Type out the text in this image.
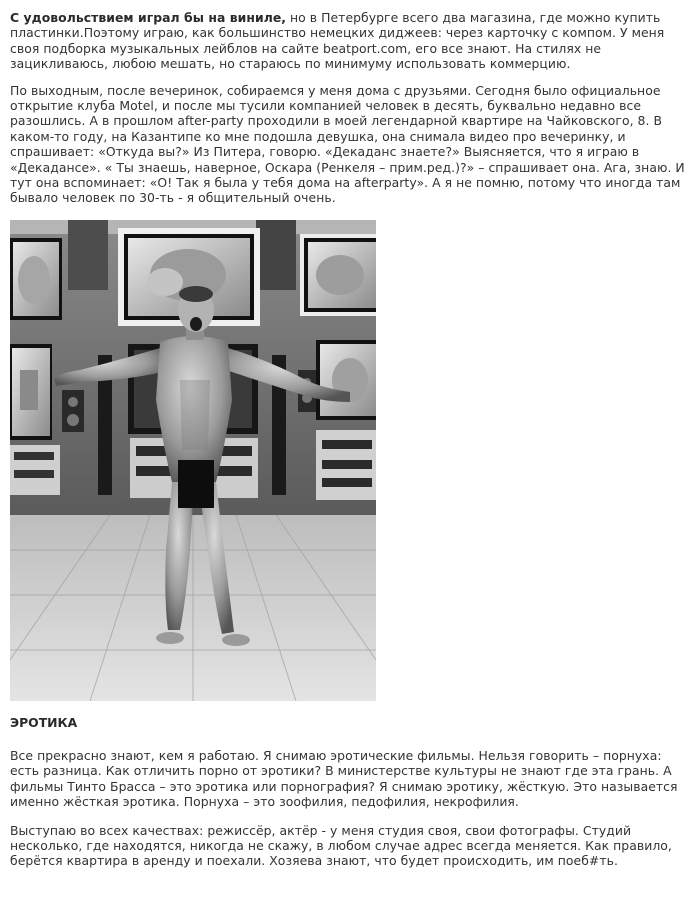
С удовольствием играл бы на виниле, но в Петербурге всего два магазина, где можно купить пластинки.Поэтому играю, как большинство немецких диджеев: через карточку с компом. У меня своя подборка музыкальных лейблов на сайте beatport.com, его все знают. На стилях не зацикливаюсь, любою мешать, но стараюсь по минимуму использовать коммерцию.

По выходным, после вечеринок, собираемся у меня дома с друзьями. Сегодня было официальное открытие клуба Motel, и после мы тусили компанией человек в десять, буквально недавно все разошлись. А в прошлом after-party проходили в моей легендарной квартире на Чайковского, 8. В каком-то году, на Казантипе ко мне подошла девушка, она снимала видео про вечеринку, и спрашивает: «Откуда вы?» Из Питера, говорю. «Декаданс знаете?» Выясняется, что я играю в «Декадансе». « Ты знаешь, наверное, Оскара (Ренкеля – прим.ред.)?» – спрашивает она. Ага, знаю. И тут она вспоминает: «О! Так я была у тебя дома на afterparty». А я не помню, потому что иногда там бывало человек по 30-ть - я общительный очень.

ЭРОТИКА

Все прекрасно знают, кем я работаю. Я снимаю эротические фильмы. Нельзя говорить – порнуха: есть разница. Как отличить порно от эротики? В министерстве культуры не знают где эта грань. А фильмы Тинто Брасса – это эротика или порнография? Я снимаю эротику, жёсткую. Это называется именно жёсткая эротика. Порнуха – это зоофилия, педофилия, некрофилия.

Выступаю во всех качествах: режиссёр, актёр - у меня студия своя, свои фотографы. Студий несколько, где находятся, никогда не скажу, в любом случае адрес всегда меняется. Как правило, берётся квартира в аренду и поехали. Хозяева знают, что будет происходить, им поеб#ть.
